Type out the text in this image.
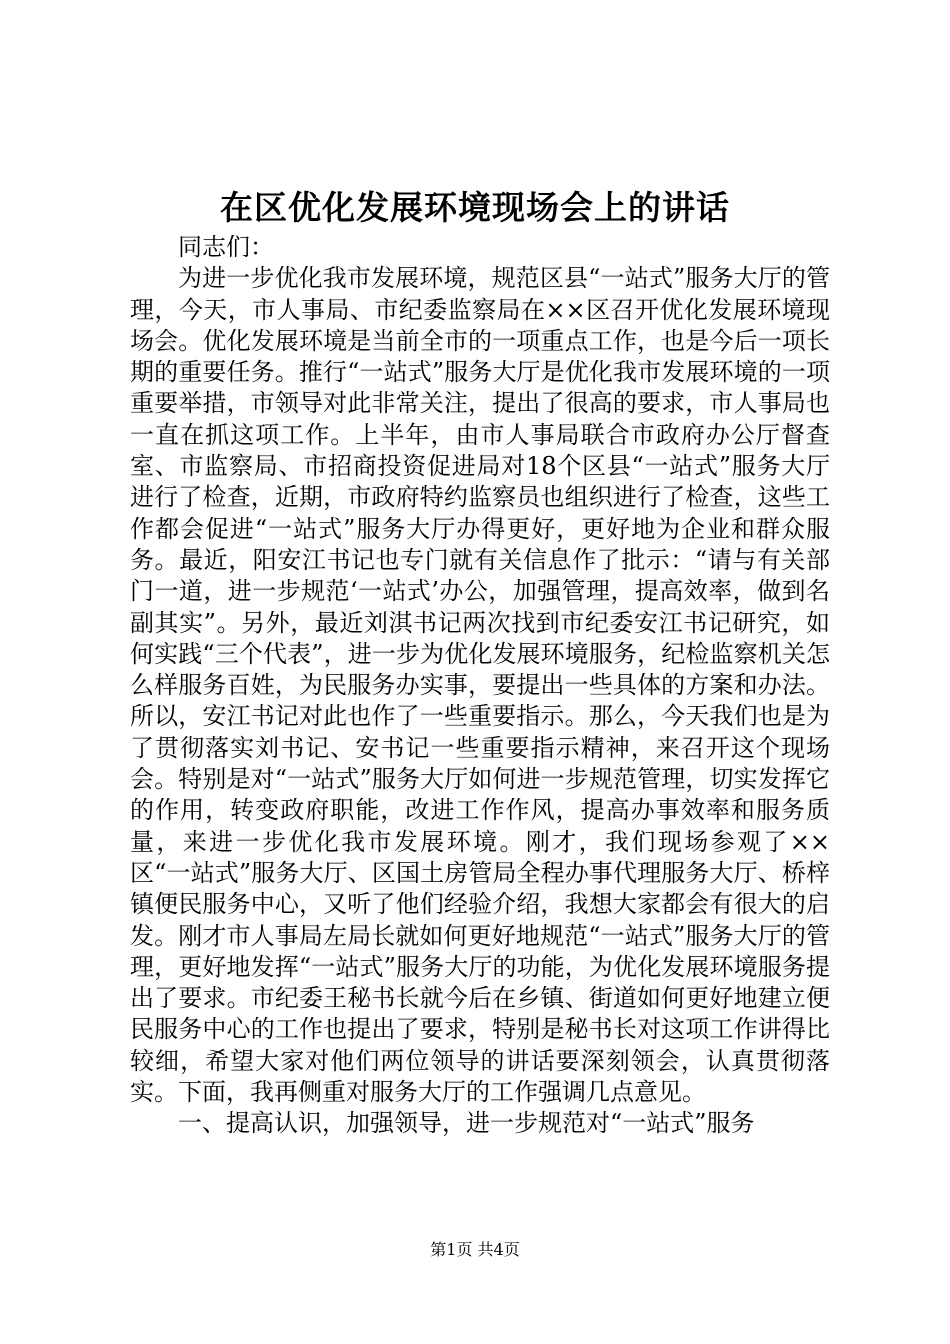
在区优化发展环境现场会上的讲话

同志们：

为进一步优化我市发展环境，规范区县“一站式”服务大厅的管理，今天，市人事局、市纪委监察局在××区召开优化发展环境现场会。优化发展环境是当前全市的一项重点工作，也是今后一项长期的重要任务。推行“一站式”服务大厅是优化我市发展环境的一项重要举措，市领导对此非常关注，提出了很高的要求，市人事局也一直在抓这项工作。上半年，由市人事局联合市政府办公厅督查室、市监察局、市招商投资促进局对18个区县“一站式”服务大厅进行了检查，近期，市政府特约监察员也组织进行了检查，这些工作都会促进“一站式”服务大厅办得更好，更好地为企业和群众服务。最近，阳安江书记也专门就有关信息作了批示：“请与有关部门一道，进一步规范‘一站式’办公，加强管理，提高效率，做到名副其实”。另外，最近刘淇书记两次找到市纪委安江书记研究，如何实践“三个代表”，进一步为优化发展环境服务，纪检监察机关怎么样服务百姓，为民服务办实事，要提出一些具体的方案和办法。所以，安江书记对此也作了一些重要指示。那么，今天我们也是为了贯彻落实刘书记、安书记一些重要指示精神，来召开这个现场会。特别是对“一站式”服务大厅如何进一步规范管理，切实发挥它的作用，转变政府职能，改进工作作风，提高办事效率和服务质量，来进一步优化我市发展环境。刚才，我们现场参观了××区“一站式”服务大厅、区国土房管局全程办事代理服务大厅、桥梓镇便民服务中心，又听了他们经验介绍，我想大家都会有很大的启发。刚才市人事局左局长就如何更好地规范“一站式”服务大厅的管理，更好地发挥“一站式”服务大厅的功能，为优化发展环境服务提出了要求。市纪委王秘书长就今后在乡镇、街道如何更好地建立便民服务中心的工作也提出了要求，特别是秘书长对这项工作讲得比较细，希望大家对他们两位领导的讲话要深刻领会，认真贯彻落实。下面，我再侧重对服务大厅的工作强调几点意见。

一、提高认识，加强领导，进一步规范对“一站式”服务

第1页 共4页
